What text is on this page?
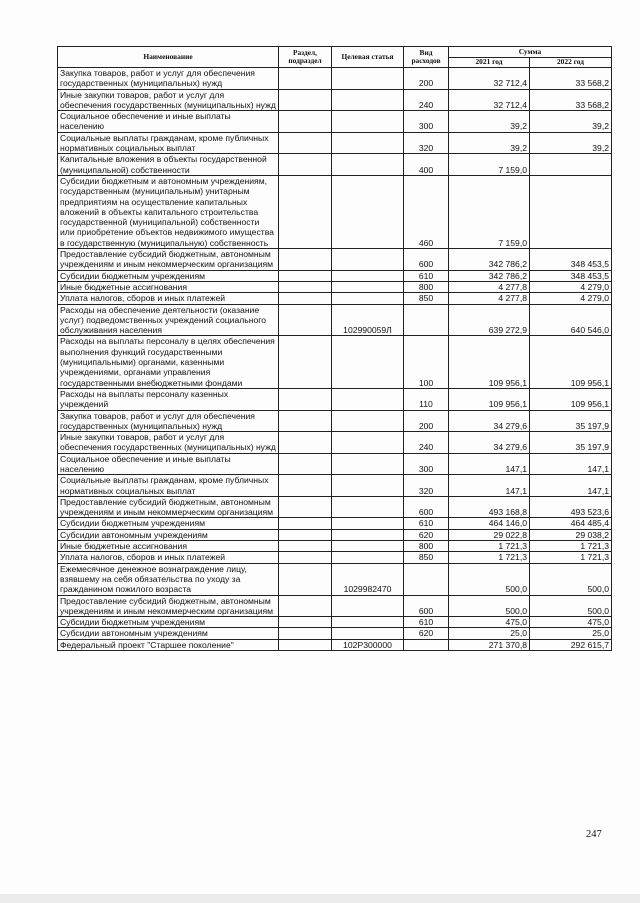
Наименование	Раздел, подраздел	Целевая статья	Вид расходов	Сумма	
				2021 год	2022 год
Закупка товаров, работ и услуг для обеспечения государственных (муниципальных) нужд			200	32 712,4	33 568,2
Иные закупки товаров, работ и услуг для обеспечения государственных (муниципальных) нужд			240	32 712,4	33 568,2
Социальное обеспечение и иные выплаты населению			300	39,2	39,2
Социальные выплаты гражданам, кроме публичных нормативных социальных выплат			320	39,2	39,2
Капитальные вложения в объекты государственной (муниципальной) собственности			400	7 159,0	
Субсидии бюджетным и автономным учреждениям, государственным (муниципальным) унитарным предприятиям на осуществление капитальных вложений в объекты капитального строительства государственной (муниципальной) собственности или приобретение объектов недвижимого имущества в государственную (муниципальную) собственность			460	7 159,0	
Предоставление субсидий бюджетным, автономным учреждениям и иным некоммерческим организациям			600	342 786,2	348 453,5
Субсидии бюджетным учреждениям			610	342 786,2	348 453,5
Иные бюджетные ассигнования			800	4 277,8	4 279,0
Уплата налогов, сборов и иных платежей			850	4 277,8	4 279,0
Расходы на обеспечение деятельности (оказание услуг) подведомственных учреждений социального обслуживания населения		102990059Л		639 272,9	640 546,0
Расходы на выплаты персоналу в целях обеспечения выполнения функций государственными (муниципальными) органами, казенными учреждениями, органами управления государственными внебюджетными фондами			100	109 956,1	109 956,1
Расходы на выплаты персоналу казенных учреждений			110	109 956,1	109 956,1
Закупка товаров, работ и услуг для обеспечения государственных (муниципальных) нужд			200	34 279,6	35 197,9
Иные закупки товаров, работ и услуг для обеспечения государственных (муниципальных) нужд			240	34 279,6	35 197,9
Социальное обеспечение и иные выплаты населению			300	147,1	147,1
Социальные выплаты гражданам, кроме публичных нормативных социальных выплат			320	147,1	147,1
Предоставление субсидий бюджетным, автономным учреждениям и иным некоммерческим организациям			600	493 168,8	493 523,6
Субсидии бюджетным учреждениям			610	464 146,0	464 485,4
Субсидии автономным учреждениям			620	29 022,8	29 038,2
Иные бюджетные ассигнования			800	1 721,3	1 721,3
Уплата налогов, сборов и иных платежей			850	1 721,3	1 721,3
Ежемесячное денежное вознаграждение лицу, взявшему на себя обязательства по уходу за гражданином пожилого возраста		1029982470		500,0	500,0
Предоставление субсидий бюджетным, автономным учреждениям и иным некоммерческим организациям			600	500,0	500,0
Субсидии бюджетным учреждениям			610	475,0	475,0
Субсидии автономным учреждениям			620	25,0	25,0
Федеральный проект "Старшее поколение"		102Р300000		271 370,8	292 615,7
247
